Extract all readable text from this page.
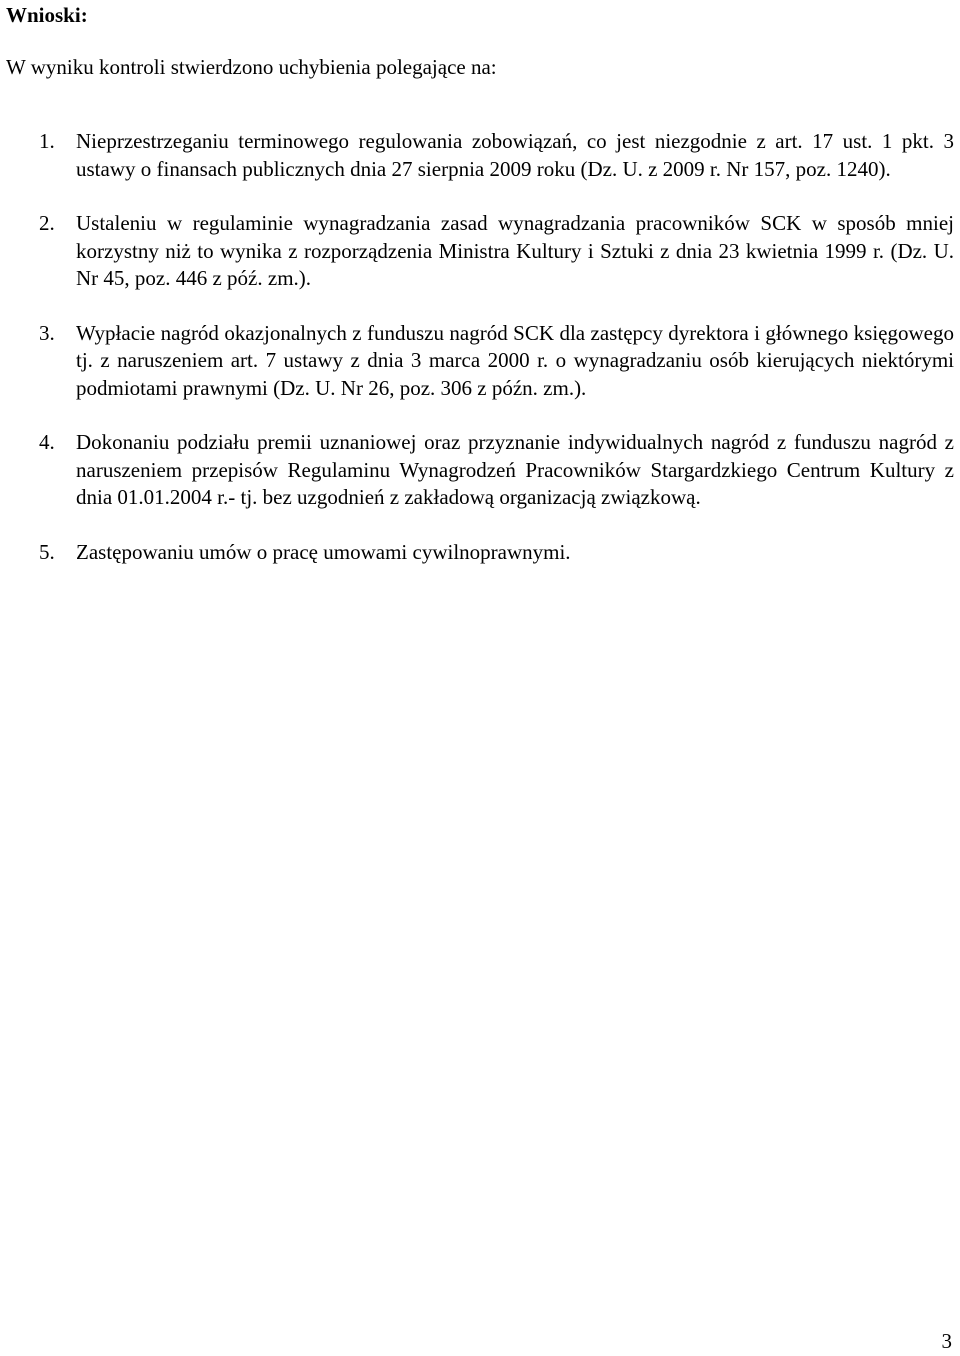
Wnioski:

W wyniku kontroli stwierdzono uchybienia polegające na:

1. Nieprzestrzeganiu terminowego regulowania zobowiązań, co jest niezgodnie z art. 17 ust. 1 pkt. 3 ustawy o finansach publicznych dnia 27 sierpnia 2009 roku (Dz. U. z 2009 r. Nr 157, poz. 1240).
2. Ustaleniu w regulaminie wynagradzania zasad wynagradzania pracowników SCK w sposób mniej korzystny niż to wynika z rozporządzenia Ministra Kultury i Sztuki z dnia 23 kwietnia 1999 r. (Dz. U. Nr 45, poz. 446 z póź. zm.).
3. Wypłacie nagród okazjonalnych z funduszu nagród SCK dla zastępcy dyrektora i głównego księgowego tj. z naruszeniem art. 7 ustawy z dnia 3 marca 2000 r. o wynagradzaniu osób kierujących niektórymi podmiotami prawnymi (Dz. U. Nr 26, poz. 306 z późn. zm.).
4. Dokonaniu podziału premii uznaniowej oraz przyznanie indywidualnych nagród z funduszu nagród z naruszeniem przepisów Regulaminu Wynagrodzeń Pracowników Stargardzkiego Centrum Kultury z dnia 01.01.2004 r.- tj. bez uzgodnień z zakładową organizacją związkową.
5. Zastępowaniu umów o pracę umowami cywilnoprawnymi.
3
